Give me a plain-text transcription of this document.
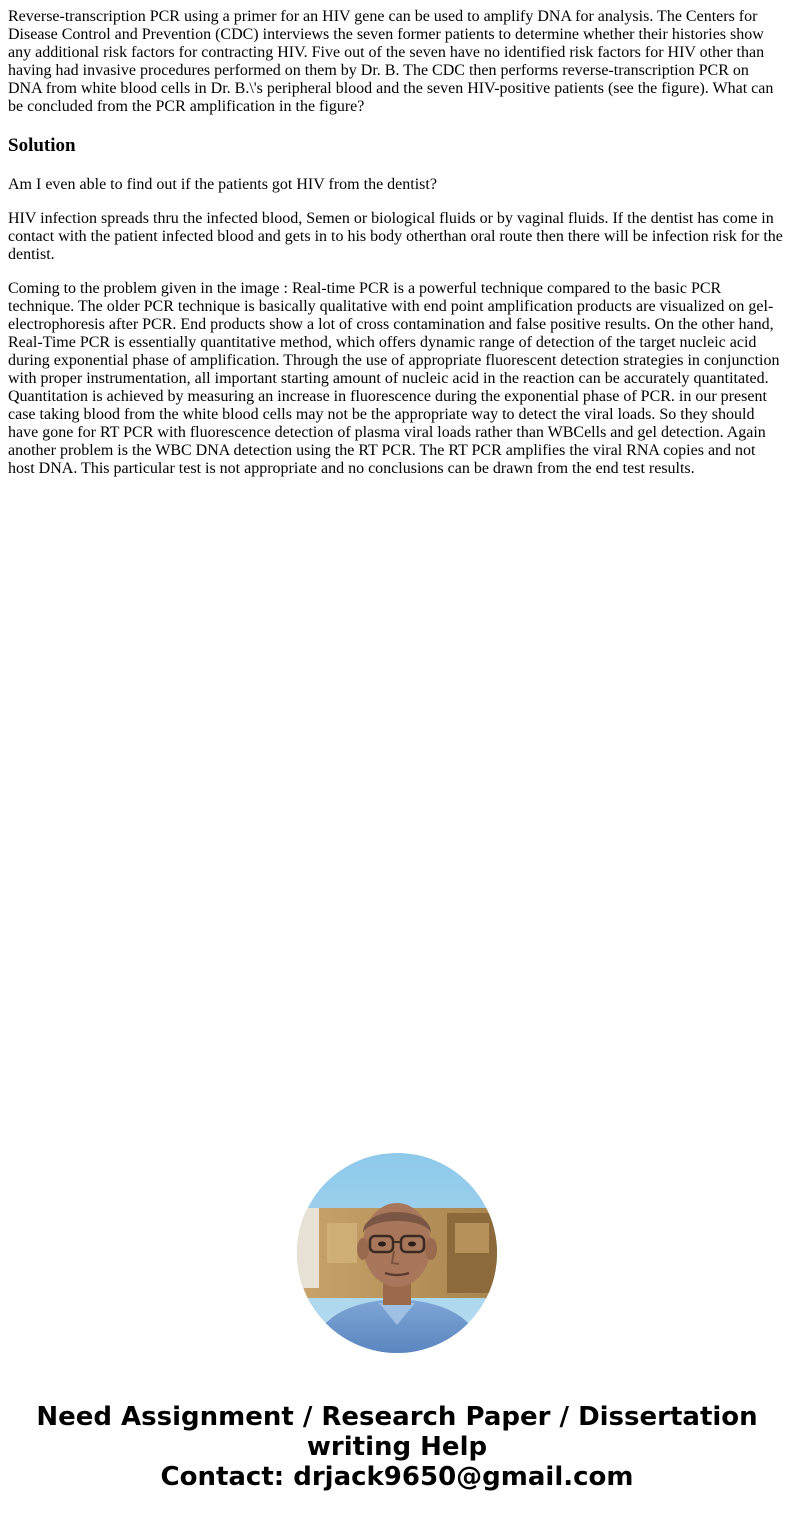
Reverse-transcription PCR using a primer for an HIV gene can be used to amplify DNA for analysis. The Centers for Disease Control and Prevention (CDC) interviews the seven former patients to determine whether their histories show any additional risk factors for contracting HIV. Five out of the seven have no identified risk factors for HIV other than having had invasive procedures performed on them by Dr. B. The CDC then performs reverse-transcription PCR on DNA from white blood cells in Dr. B.\'s peripheral blood and the seven HIV-positive patients (see the figure). What can be concluded from the PCR amplification in the figure?

Solution

Am I even able to find out if the patients got HIV from the dentist?

HIV infection spreads thru the infected blood, Semen or biological fluids or by vaginal fluids. If the dentist has come in contact with the patient infected blood and gets in to his body otherthan oral route then there will be infection risk for the dentist.

Coming to the problem given in the image : Real-time PCR is a powerful technique compared to the basic PCR technique. The older PCR technique is basically qualitative with end point amplification products are visualized on gel-electrophoresis after PCR. End products show a lot of cross contamination and false positive results. On the other hand, Real-Time PCR is essentially quantitative method, which offers dynamic range of detection of the target nucleic acid during exponential phase of amplification. Through the use of appropriate fluorescent detection strategies in conjunction with proper instrumentation, all important starting amount of nucleic acid in the reaction can be accurately quantitated. Quantitation is achieved by measuring an increase in fluorescence during the exponential phase of PCR. in our present case taking blood from the white blood cells may not be the appropriate way to detect the viral loads. So they should have gone for RT PCR with fluorescence detection of plasma viral loads rather than WBCells and gel detection. Again another problem is the WBC DNA detection using the RT PCR. The RT PCR amplifies the viral RNA copies and not host DNA. This particular test is not appropriate and no conclusions can be drawn from the end test results.

Need Assignment / Research Paper / Dissertation
writing Help
Contact: drjack9650@gmail.com
